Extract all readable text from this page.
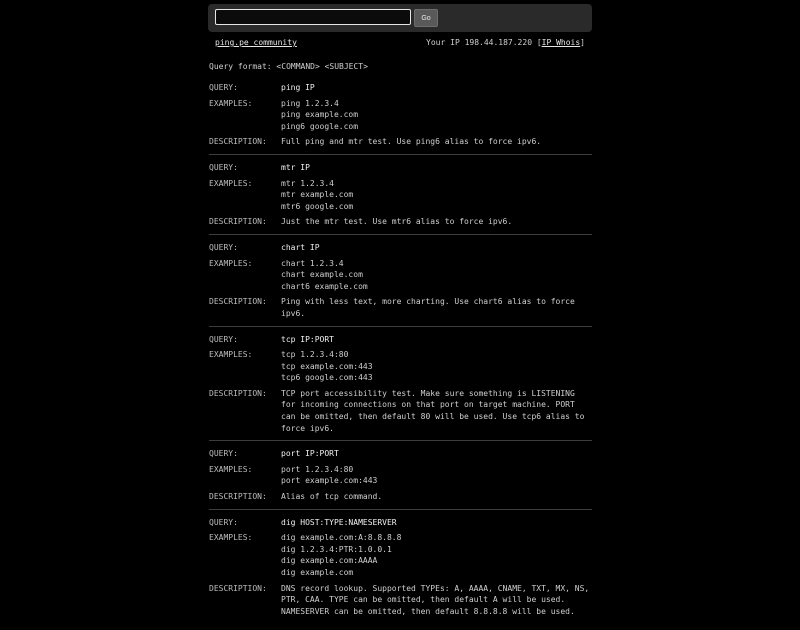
Go
ping.pe community	Your IP 198.44.187.220 [IP Whois]
Query format: <COMMAND> <SUBJECT>
QUERY:	ping IP
EXAMPLES:	ping 1.2.3.4
ping example.com
ping6 google.com
DESCRIPTION:	Full ping and mtr test. Use ping6 alias to force ipv6.
QUERY:	mtr IP
EXAMPLES:	mtr 1.2.3.4
mtr example.com
mtr6 google.com
DESCRIPTION:	Just the mtr test. Use mtr6 alias to force ipv6.
QUERY:	chart IP
EXAMPLES:	chart 1.2.3.4
chart example.com
chart6 example.com
DESCRIPTION:	Ping with less text, more charting. Use chart6 alias to force ipv6.
QUERY:	tcp IP:PORT
EXAMPLES:	tcp 1.2.3.4:80
tcp example.com:443
tcp6 google.com:443
DESCRIPTION:	TCP port accessibility test. Make sure something is LISTENING for incoming connections on that port on target machine. PORT can be omitted, then default 80 will be used. Use tcp6 alias to force ipv6.
QUERY:	port IP:PORT
EXAMPLES:	port 1.2.3.4:80
port example.com:443
DESCRIPTION:	Alias of tcp command.
QUERY:	dig HOST:TYPE:NAMESERVER
EXAMPLES:	dig example.com:A:8.8.8.8
dig 1.2.3.4:PTR:1.0.0.1
dig example.com:AAAA
dig example.com
DESCRIPTION:	DNS record lookup. Supported TYPEs: A, AAAA, CNAME, TXT, MX, NS, PTR, CAA. TYPE can be omitted, then default A will be used. NAMESERVER can be omitted, then default 8.8.8.8 will be used.
